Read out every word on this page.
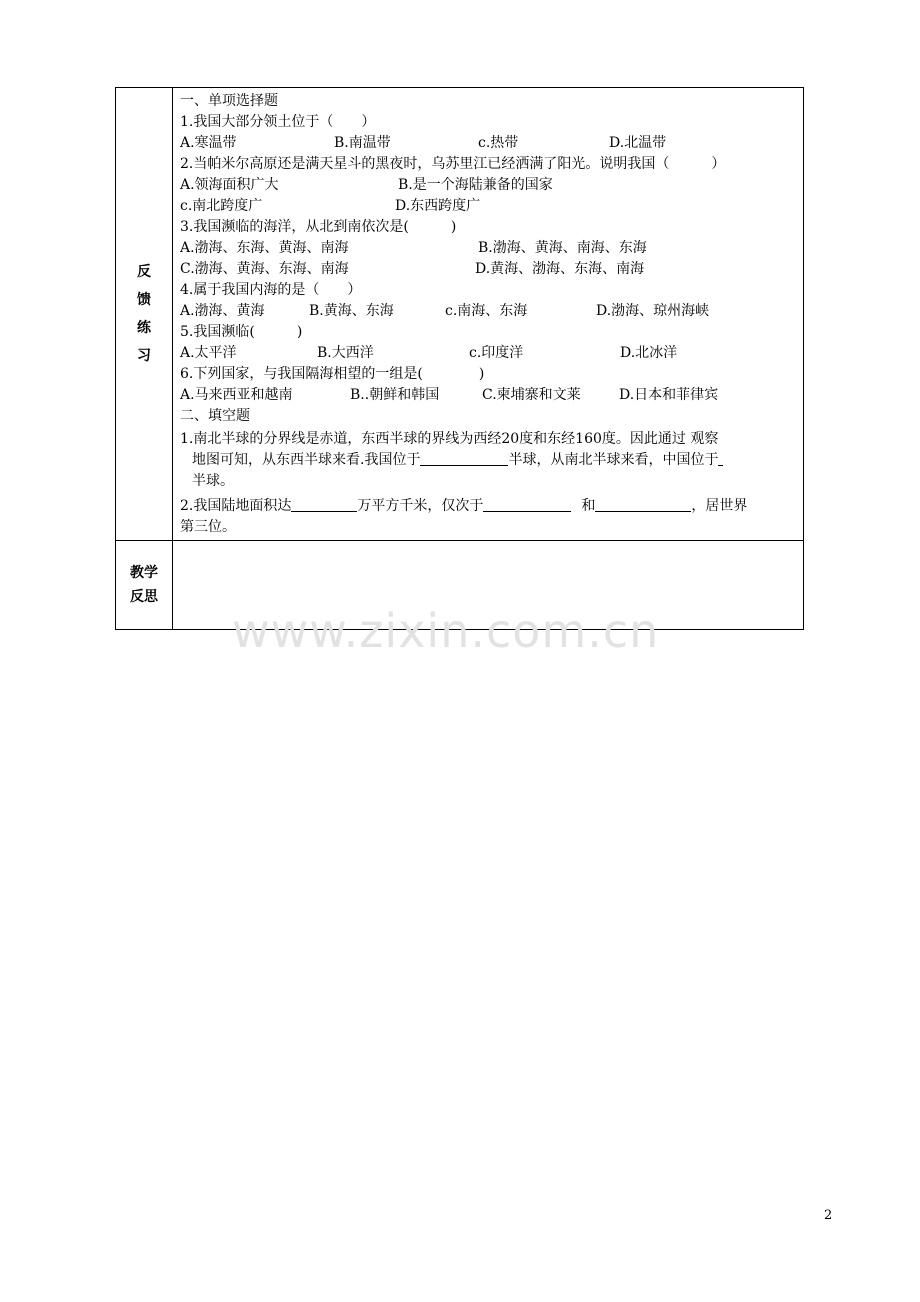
反
馈
练
习
一、单项选择题
1.我国大部分领土位于（　　）
A.寒温带	B.南温带	c.热带	D.北温带
2.当帕米尔高原还是满天星斗的黑夜时，乌苏里江已经洒满了阳光。说明我国（　　　）
A.领海面积广大	B.是一个海陆兼备的国家
c.南北跨度广	D.东西跨度广
3.我国濒临的海洋，从北到南依次是(　　　)
A.渤海、东海、黄海、南海	B.渤海、黄海、南海、东海
C.渤海、黄海、东海、南海	D.黄海、渤海、东海、南海
4.属于我国内海的是（　　）
A.渤海、黄海	B.黄海、东海	c.南海、东海	D.渤海、琼州海峡
5.我国濒临(　　　)
A.太平洋	B.大西洋	c.印度洋	D.北冰洋
6.下列国家，与我国隔海相望的一组是(　　　　)
A.马来西亚和越南	B..朝鲜和韩国	C.柬埔寨和文莱	D.日本和菲律宾
二、填空题
1.南北半球的分界线是赤道，东西半球的界线为西经20度和东经160度。因此通过 观察
地图可知，从东西半球来看.我国位于	半球，从南北半球来看，中国位于
半球。
2.我国陆地面积达	万平方千米，仅次于	和	，居世界
第三位。
教学
反思
www.zixin.com.cn
2
